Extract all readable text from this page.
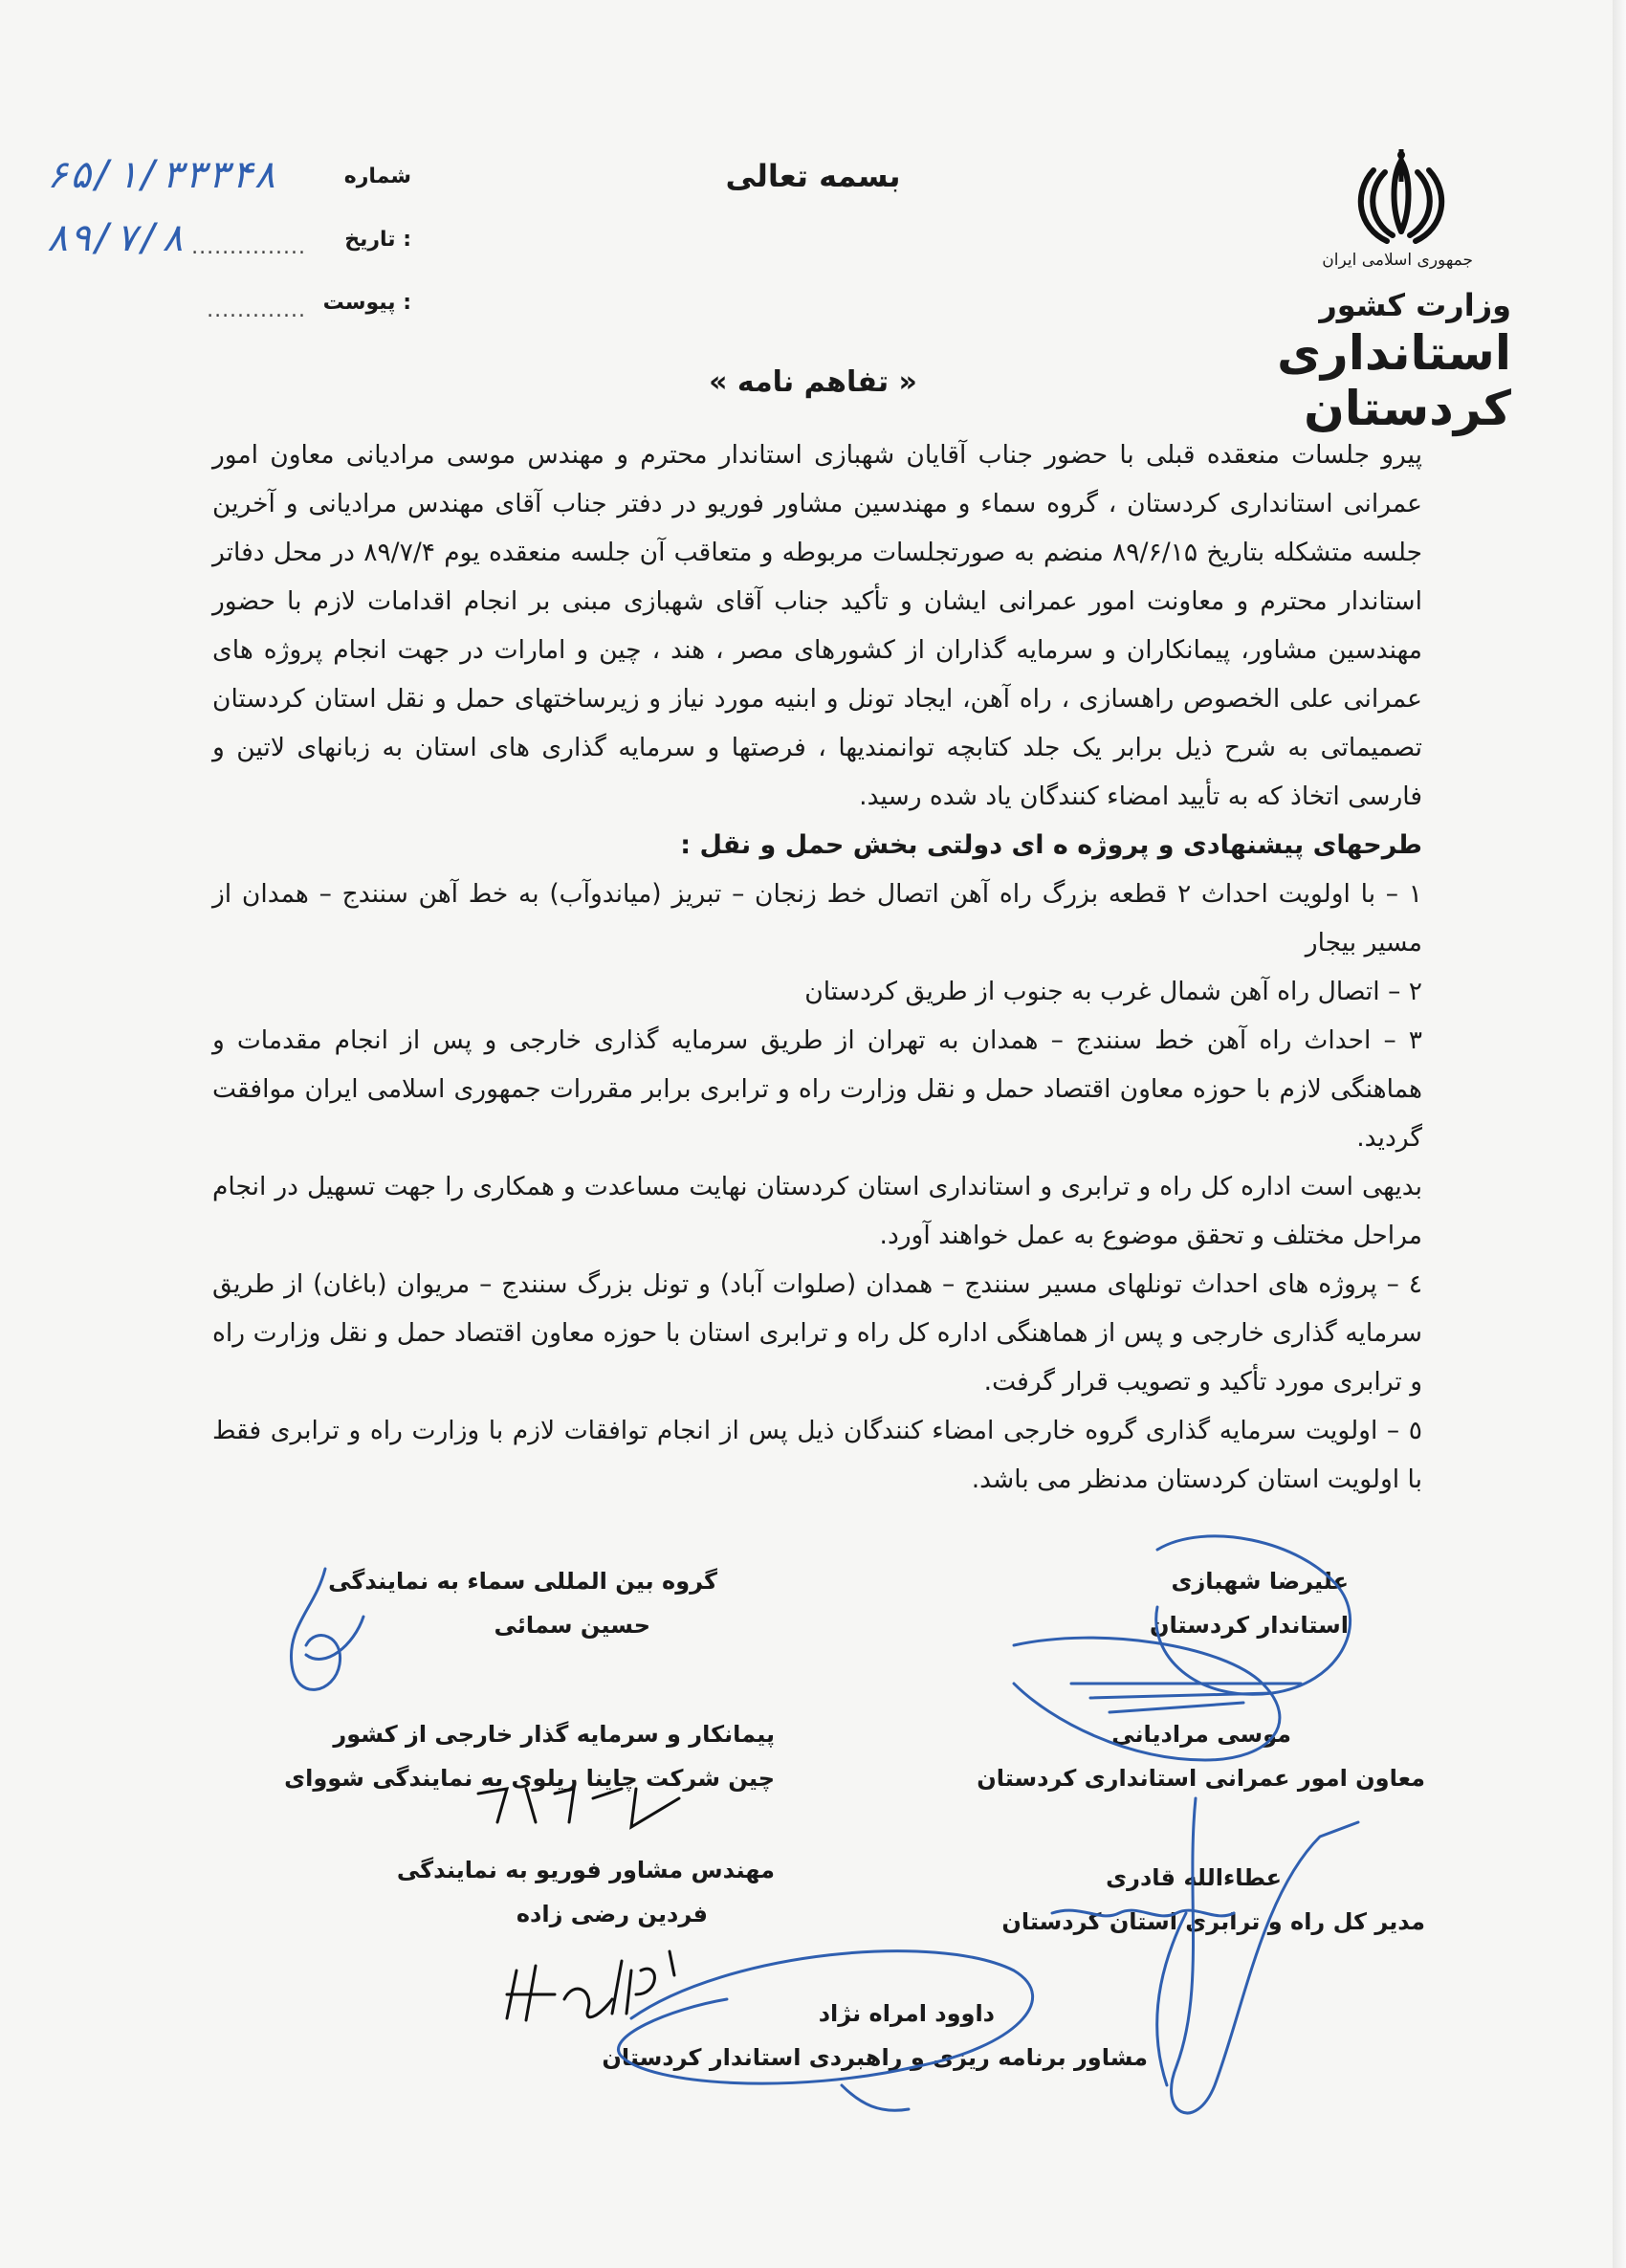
جمهوری اسلامی ایران
وزارت کشور
استانداری کردستان
بسمه تعالی
۶۵/۱/۳۳۳۴۸	شماره
۸۹/۷/۸ ............... تاریخ :
............. پیوست :
« تفاهم نامه »

پیرو جلسات منعقده قبلی با حضور جناب آقایان شهبازی استاندار محترم و مهندس موسی مرادیانی معاون امور عمرانی استانداری کردستان ، گروه سماء و مهندسین مشاور فوریو در دفتر جناب آقای مهندس مرادیانی و آخرین جلسه متشکله بتاریخ ۸۹/۶/۱۵ منضم به صورتجلسات مربوطه و متعاقب آن جلسه منعقده یوم ۸۹/۷/۴ در محل دفاتر استاندار محترم و معاونت امور عمرانی ایشان و تأکید جناب آقای شهبازی مبنی بر انجام اقدامات لازم با حضور مهندسین مشاور، پیمانکاران و سرمایه گذاران از کشورهای مصر ، هند ، چین و امارات در جهت انجام پروژه های عمرانی علی الخصوص راهسازی ، راه آهن، ایجاد تونل و ابنیه مورد نیاز و زیرساختهای حمل و نقل استان کردستان تصمیماتی به شرح ذیل برابر یک جلد کتابچه توانمندیها ، فرصتها و سرمایه گذاری های استان به زبانهای لاتین و فارسی اتخاذ که به تأیید امضاء کنندگان یاد شده رسید.

طرحهای پیشنهادی و پروژه ه ای دولتی بخش حمل و نقل :

۱ – با اولویت احداث ۲ قطعه بزرگ راه آهن اتصال خط زنجان – تبریز (میاندوآب) به خط آهن سنندج – همدان از مسیر بیجار

۲ – اتصال راه آهن شمال غرب به جنوب از طریق کردستان

۳ – احداث راه آهن خط سنندج – همدان به تهران از طریق سرمایه گذاری خارجی و پس از انجام مقدمات و هماهنگی لازم با حوزه معاون اقتصاد حمل و نقل وزارت راه و ترابری برابر مقررات جمهوری اسلامی ایران موافقت گردید.

بدیهی است اداره کل راه و ترابری و استانداری استان کردستان نهایت مساعدت و همکاری را جهت تسهیل در انجام مراحل مختلف و تحقق موضوع به عمل خواهند آورد.

٤ – پروژه های احداث تونلهای مسیر سنندج – همدان (صلوات آباد) و تونل بزرگ سنندج – مریوان (باغان) از طریق سرمایه گذاری خارجی و پس از هماهنگی اداره کل راه و ترابری استان با حوزه معاون اقتصاد حمل و نقل وزارت راه و ترابری مورد تأکید و تصویب قرار گرفت.

٥ – اولویت سرمایه گذاری گروه خارجی امضاء کنندگان ذیل پس از انجام توافقات لازم با وزارت راه و ترابری فقط با اولویت استان کردستان مدنظر می باشد.

گروه بین المللی سماء به نمایندگی
حسین سمائی
پیمانکار و سرمایه گذار خارجی از کشور
چین شرکت چاینا ریلوی به نمایندگی شووای
مهندس مشاور فوریو به نمایندگی
فردین رضی زاده
داوود امراه نژاد
مشاور برنامه ریزی و راهبردی استاندار کردستان
علیرضا شهبازی
استاندار کردستان
موسی مرادیانی
معاون امور عمرانی استانداری کردستان
عطاءالله قادری
مدیر کل راه و ترابری استان کردستان
